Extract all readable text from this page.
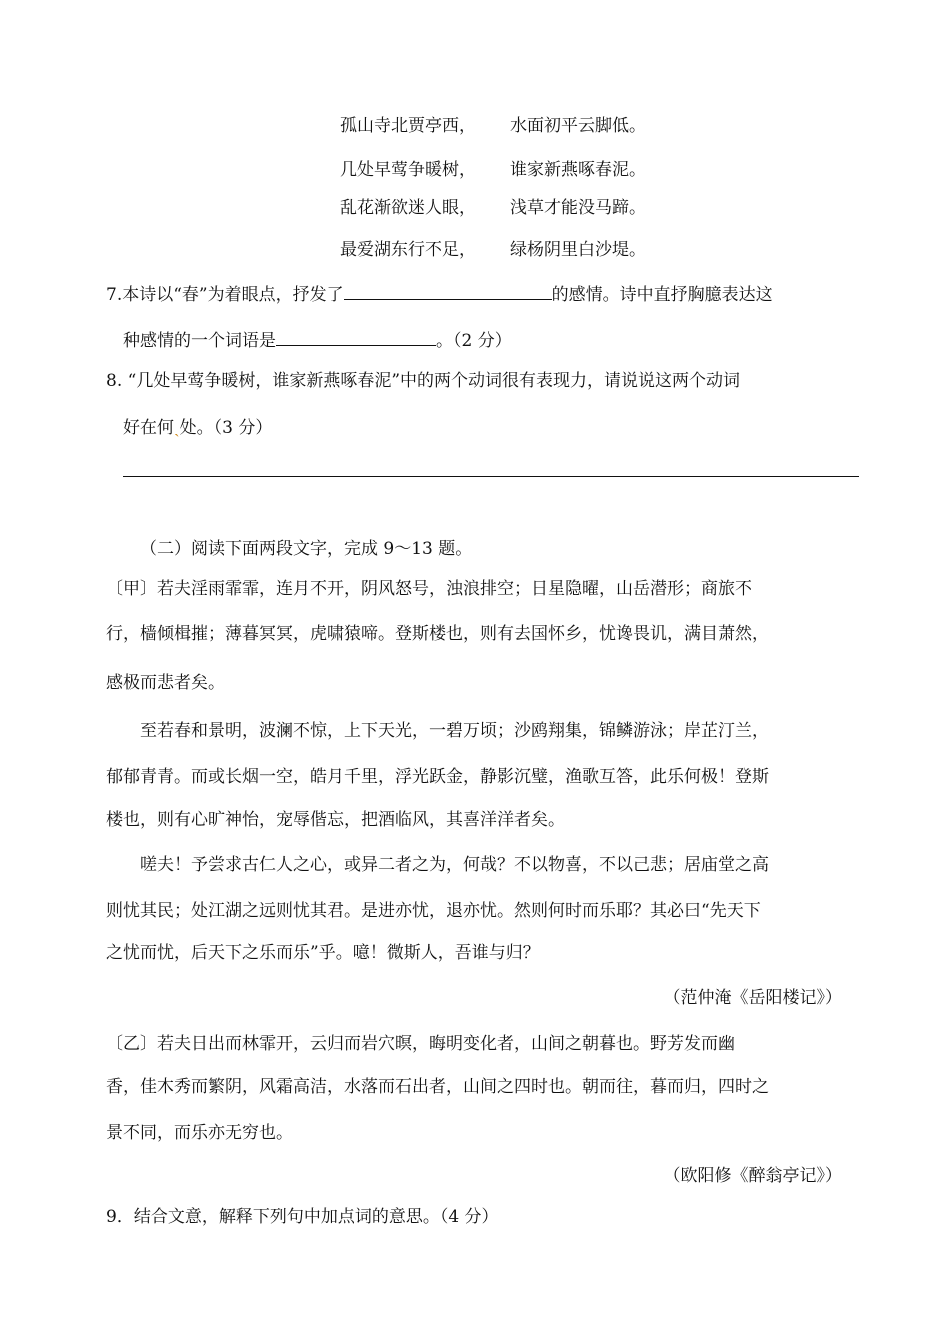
孤山寺北贾亭西， 水面初平云脚低。
几处早莺争暖树， 谁家新燕啄春泥。
乱花渐欲迷人眼， 浅草才能没马蹄。
最爱湖东行不足， 绿杨阴里白沙堤。
7.本诗以“春”为着眼点，抒发了	的感情。诗中直抒胸臆表达这
种感情的一个词语是	。（2 分）
8. “几处早莺争暖树，谁家新燕啄春泥”中的两个动词很有表现力，请说说这两个动词
好在何ˏ处。（3 分）
（二）阅读下面两段文字，完成 9～13 题。
〔甲〕若夫淫雨霏霏，连月不开，阴风怒号，浊浪排空；日星隐曜，山岳潜形；商旅不
行，樯倾楫摧；薄暮冥冥，虎啸猿啼。登斯楼也，则有去国怀乡，忧谗畏讥，满目萧然，
感极而悲者矣。
至若春和景明，波澜不惊，上下天光，一碧万顷；沙鸥翔集，锦鳞游泳；岸芷汀兰，
郁郁青青。而或长烟一空，皓月千里，浮光跃金，静影沉璧，渔歌互答，此乐何极！登斯
楼也，则有心旷神怡，宠辱偕忘，把酒临风，其喜洋洋者矣。
嗟夫！予尝求古仁人之心，或异二者之为，何哉？不以物喜，不以己悲；居庙堂之高
则忧其民；处江湖之远则忧其君。是进亦忧，退亦忧。然则何时而乐耶？其必曰“先天下
之忧而忧，后天下之乐而乐”乎。噫！微斯人，吾谁与归？
（范仲淹《岳阳楼记》）
〔乙〕若夫日出而林霏开，云归而岩穴暝，晦明变化者，山间之朝暮也。野芳发而幽
香，佳木秀而繁阴，风霜高洁，水落而石出者，山间之四时也。朝而往，暮而归，四时之
景不同，而乐亦无穷也。
（欧阳修《醉翁亭记》）
9．结合文意，解释下列句中加点词的意思。（4 分）
